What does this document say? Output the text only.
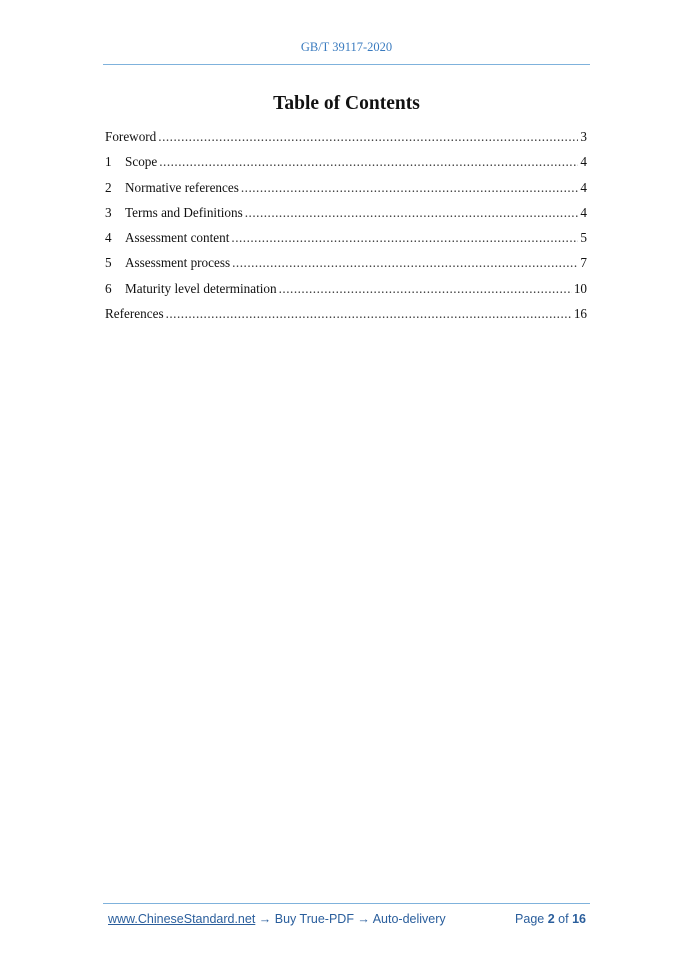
GB/T 39117-2020
Table of Contents
Foreword .....	3
1	Scope .....	4
2	Normative references .....	4
3	Terms and Definitions .....	4
4	Assessment content .....	5
5	Assessment process .....	7
6	Maturity level determination .....	10
References .....	16
www.ChineseStandard.net → Buy True-PDF → Auto-delivery	Page 2 of 16
